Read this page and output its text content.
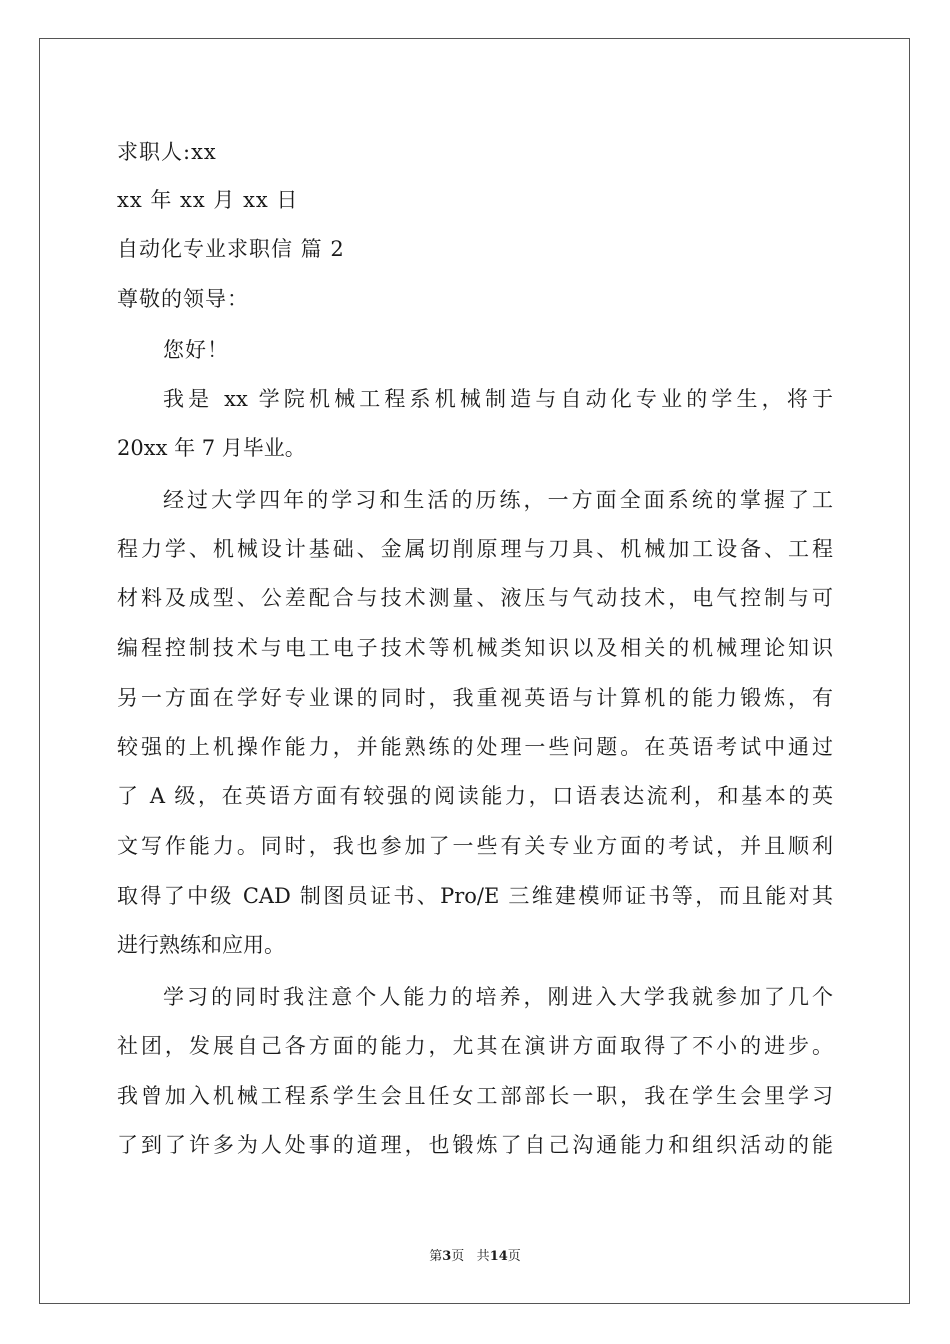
求职人:xx
xx 年 xx 月 xx 日
自动化专业求职信 篇 2
尊敬的领导：
您好！
我是 xx 学院机械工程系机械制造与自动化专业的学生，将于
20xx 年 7 月毕业。
经过大学四年的学习和生活的历练，一方面全面系统的掌握了工
程力学、机械设计基础、金属切削原理与刀具、机械加工设备、工程
材料及成型、公差配合与技术测量、液压与气动技术，电气控制与可
编程控制技术与电工电子技术等机械类知识以及相关的机械理论知识
另一方面在学好专业课的同时，我重视英语与计算机的能力锻炼，有
较强的上机操作能力，并能熟练的处理一些问题。在英语考试中通过
了 A 级，在英语方面有较强的阅读能力，口语表达流利，和基本的英
文写作能力。同时，我也参加了一些有关专业方面的考试，并且顺利
取得了中级 CAD 制图员证书、Pro/E 三维建模师证书等，而且能对其
进行熟练和应用。
学习的同时我注意个人能力的培养，刚进入大学我就参加了几个
社团，发展自己各方面的能力，尤其在演讲方面取得了不小的进步。
我曾加入机械工程系学生会且任女工部部长一职，我在学生会里学习
了到了许多为人处事的道理，也锻炼了自己沟通能力和组织活动的能
第3页 共14页
